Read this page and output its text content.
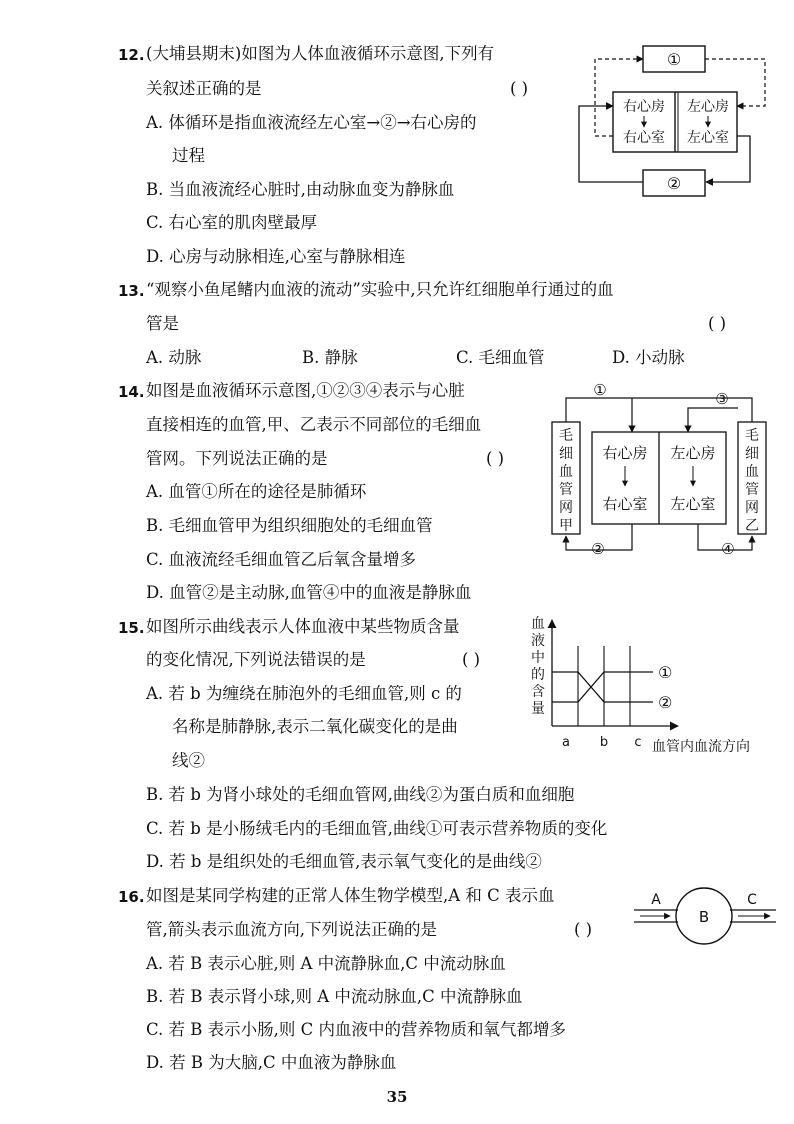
12. (大埔县期末)如图为人体血液循环示意图,下列有
关叙述正确的是	( )
A. 体循环是指血液流经左心室→②→右心房的
过程
B. 当血液流经心脏时,由动脉血变为静脉血
C. 右心室的肌肉壁最厚
D. 心房与动脉相连,心室与静脉相连
①
右心房
右心室
左心房
左心室
②
13. “观察小鱼尾鳍内血液的流动”实验中,只允许红细胞单行通过的血
管是	( )
A. 动脉	B. 静脉	C. 毛细血管	D. 小动脉
14. 如图是血液循环示意图,①②③④表示与心脏
直接相连的血管,甲、乙表示不同部位的毛细血
管网。下列说法正确的是	( )
A. 血管①所在的途径是肺循环
B. 毛细血管甲为组织细胞处的毛细血管
C. 血液流经毛细血管乙后氧含量增多
D. 血管②是主动脉,血管④中的血液是静脉血
毛
细
血
管
网
甲
毛
细
血
管
网
乙
右心房
右心室
左心房
左心室
①	③
②	④
15. 如图所示曲线表示人体血液中某些物质含量
的变化情况,下列说法错误的是	( )
A. 若 b 为缠绕在肺泡外的毛细血管,则 c 的
名称是肺静脉,表示二氧化碳变化的是曲
线②
B. 若 b 为肾小球处的毛细血管网,曲线②为蛋白质和血细胞
C. 若 b 是小肠绒毛内的毛细血管,曲线①可表示营养物质的变化
D. 若 b 是组织处的毛细血管,表示氧气变化的是曲线②
血
液
中
的
含
量
①
②
a b c 血管内血流方向
16. 如图是某同学构建的正常人体生物学模型,A 和 C 表示血
管,箭头表示血流方向,下列说法正确的是	( )
A. 若 B 表示心脏,则 A 中流静脉血,C 中流动脉血
B. 若 B 表示肾小球,则 A 中流动脉血,C 中流静脉血
C. 若 B 表示小肠,则 C 内血液中的营养物质和氧气都增多
D. 若 B 为大脑,C 中血液为静脉血
A
B
C
35
